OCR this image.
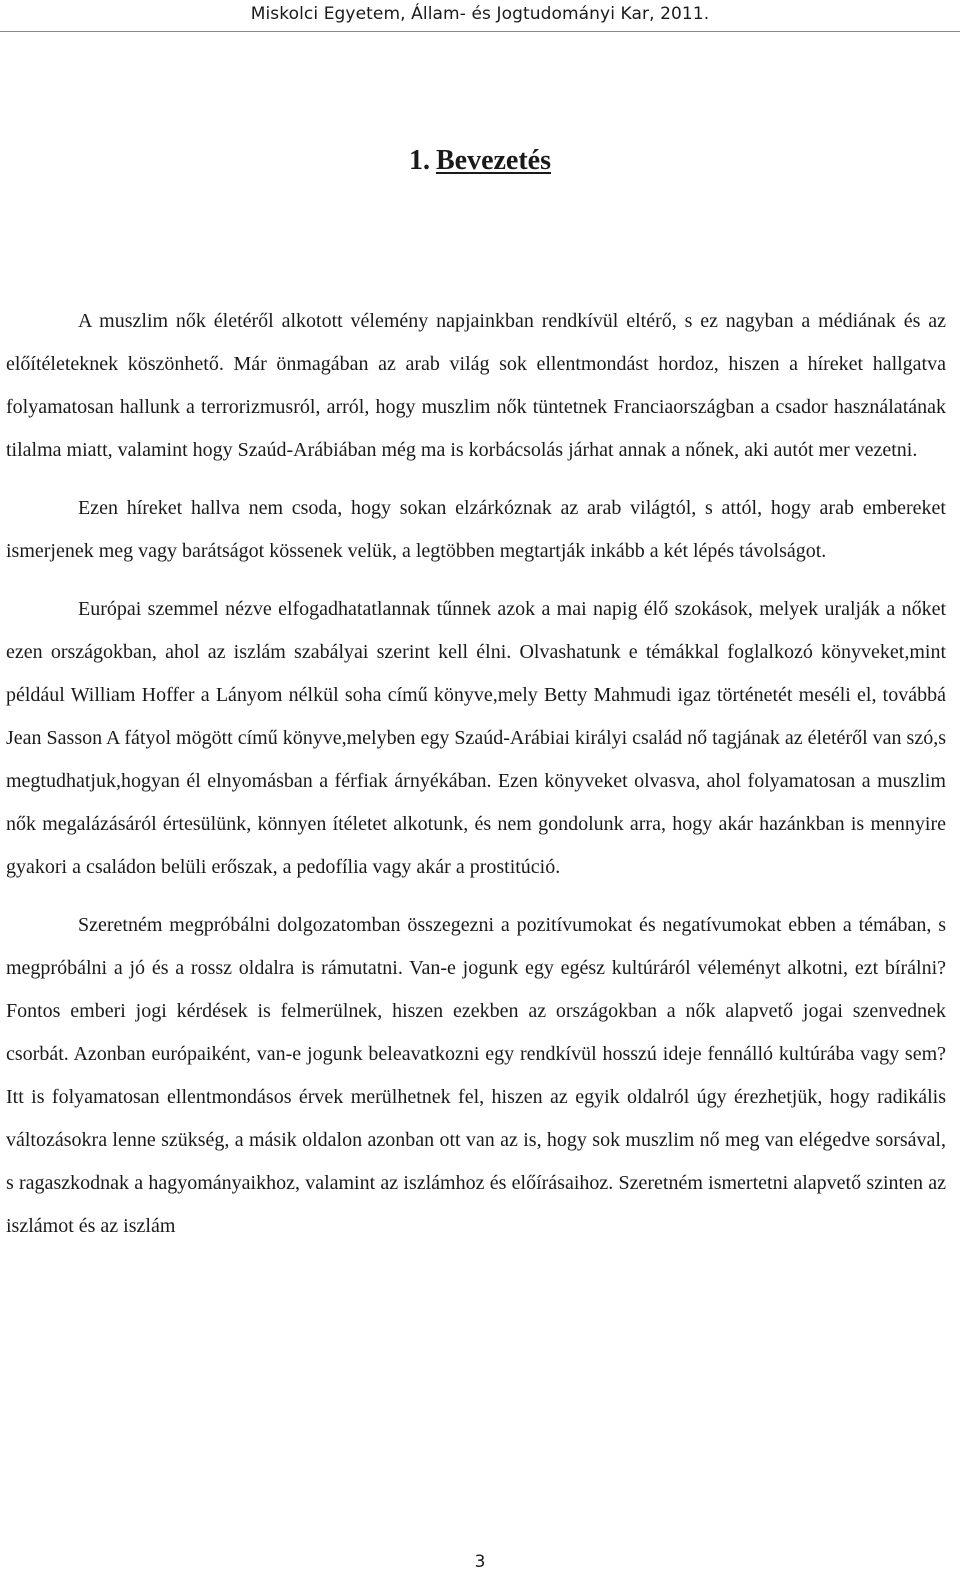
Miskolci Egyetem, Állam- és Jogtudományi Kar, 2011.
1. Bevezetés

A muszlim nők életéről alkotott vélemény napjainkban rendkívül eltérő, s ez nagyban a médiának és az előítéleteknek köszönhető. Már önmagában az arab világ sok ellentmondást hordoz, hiszen a híreket hallgatva folyamatosan hallunk a terrorizmusról, arról, hogy muszlim nők tüntetnek Franciaországban a csador használatának tilalma miatt, valamint hogy Szaúd-Arábiában még ma is korbácsolás járhat annak a nőnek, aki autót mer vezetni.

Ezen híreket hallva nem csoda, hogy sokan elzárkóznak az arab világtól, s attól, hogy arab embereket ismerjenek meg vagy barátságot kössenek velük, a legtöbben megtartják inkább a két lépés távolságot.

Európai szemmel nézve elfogadhatatlannak tűnnek azok a mai napig élő szokások, melyek uralják a nőket ezen országokban, ahol az iszlám szabályai szerint kell élni. Olvashatunk e témákkal foglalkozó könyveket,mint például William Hoffer a Lányom nélkül soha című könyve,mely Betty Mahmudi igaz történetét meséli el, továbbá Jean Sasson A fátyol mögött című könyve,melyben egy Szaúd-Arábiai királyi család nő tagjának az életéről van szó,s megtudhatjuk,hogyan él elnyomásban a férfiak árnyékában. Ezen könyveket olvasva, ahol folyamatosan a muszlim nők megalázásáról értesülünk, könnyen ítéletet alkotunk, és nem gondolunk arra, hogy akár hazánkban is mennyire gyakori a családon belüli erőszak, a pedofília vagy akár a prostitúció.

Szeretném megpróbálni dolgozatomban összegezni a pozitívumokat és negatívumokat ebben a témában, s megpróbálni a jó és a rossz oldalra is rámutatni. Van-e jogunk egy egész kultúráról véleményt alkotni, ezt bírálni? Fontos emberi jogi kérdések is felmerülnek, hiszen ezekben az országokban a nők alapvető jogai szenvednek csorbát. Azonban európaiként, van-e jogunk beleavatkozni egy rendkívül hosszú ideje fennálló kultúrába vagy sem? Itt is folyamatosan ellentmondásos érvek merülhetnek fel, hiszen az egyik oldalról úgy érezhetjük, hogy radikális változásokra lenne szükség, a másik oldalon azonban ott van az is, hogy sok muszlim nő meg van elégedve sorsával, s ragaszkodnak a hagyományaikhoz, valamint az iszlámhoz és előírásaihoz. Szeretném ismertetni alapvető szinten az iszlámot és az iszlám

3
